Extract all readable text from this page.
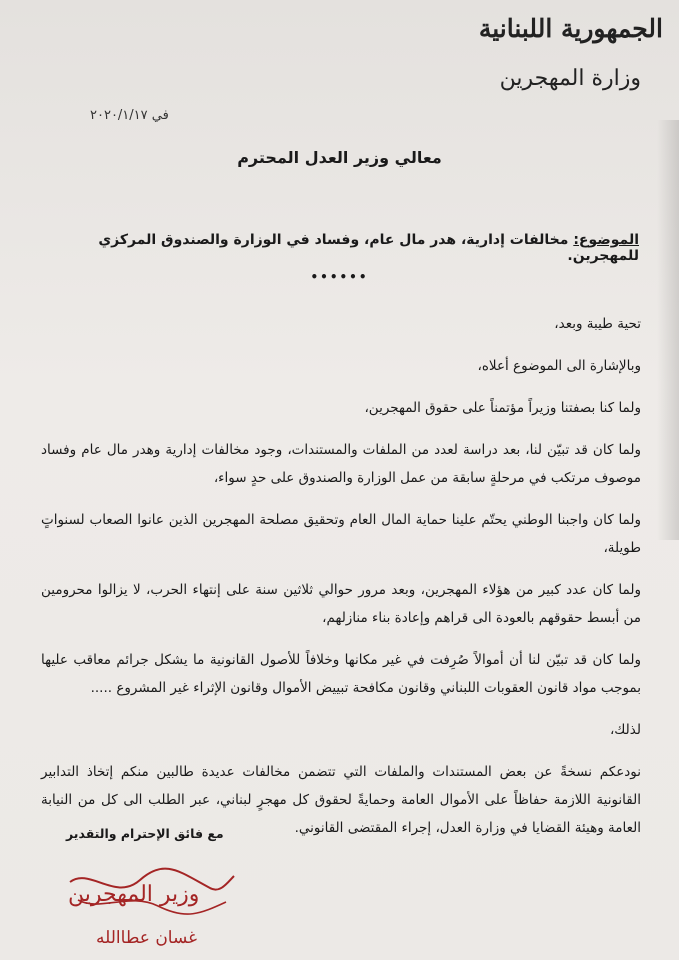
الجمهورية اللبنانية
وزارة المهجرين
في ٢٠٢٠/١/١٧
معالي وزير العدل المحترم
الموضوع: مخالفات إدارية، هدر مال عام، وفساد في الوزارة والصندوق المركزي للمهجرين.
••••••

تحية طيبة وبعد،

وبالإشارة الى الموضوع أعلاه،

ولما كنا بصفتنا وزيراً مؤتمناً على حقوق المهجرين،

ولما كان قد تبيّن لنا، بعد دراسة لعدد من الملفات والمستندات، وجود مخالفات إدارية وهدر مال عام وفساد موصوف مرتكب في مرحلةٍ سابقة من عمل الوزارة والصندوق على حدٍ سواء،

ولما كان واجبنا الوطني يحتّم علينا حماية المال العام وتحقيق مصلحة المهجرين الذين عانوا الصعاب لسنواتٍ طويلة،

ولما كان عدد كبير من هؤلاء المهجرين، وبعد مرور حوالي ثلاثين سنة على إنتهاء الحرب، لا يزالوا محرومين من أبسط حقوقهم بالعودة الى قراهم وإعادة بناء منازلهم،

ولما كان قد تبيّن لنا أن أموالاً صُرِفت في غير مكانها وخلافاً للأصول القانونية ما يشكل جرائم معاقب عليها بموجب مواد قانون العقوبات اللبناني وقانون مكافحة تبييض الأموال وقانون الإثراء غير المشروع .....

لذلك،

نودعكم نسخةً عن بعض المستندات والملفات التي تتضمن مخالفات عديدة طالبين منكم إتخاذ التدابير القانونية اللازمة حفاظاً على الأموال العامة وحمايةً لحقوق كل مهجرٍ لبناني، عبر الطلب الى كل من النيابة العامة وهيئة القضايا في وزارة العدل، إجراء المقتضى القانوني.

مع فائق الإحترام والتقدير
وزير المهجرين
غسان عطاالله
